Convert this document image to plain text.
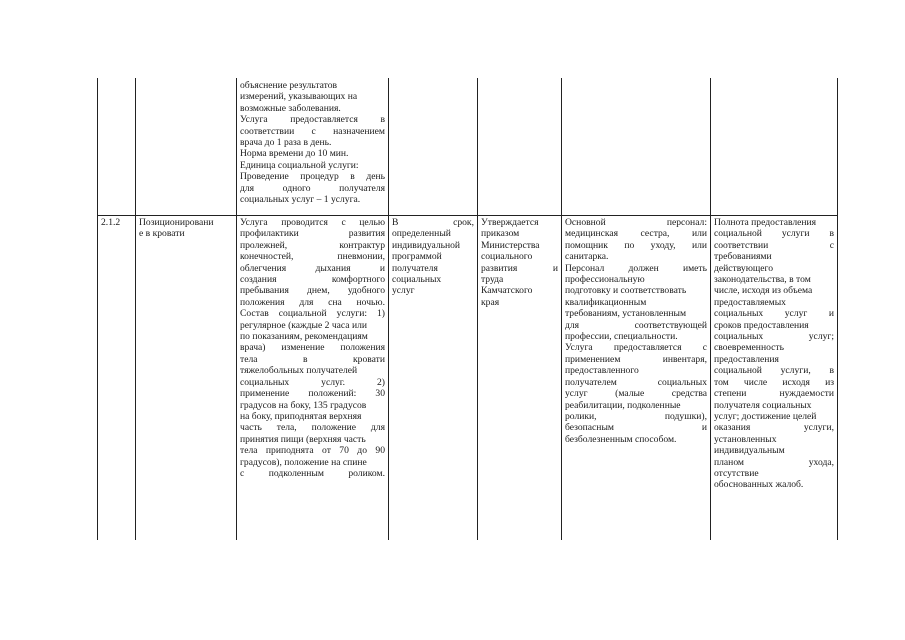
объяснение результатов
измерений, указывающих на
возможные заболевания.
Услуга предоставляется в
соответствии с назначением
врача до 1 раза в день.
Норма времени до 10 мин.
Единица социальной услуги:
Проведение процедур в день
для одного получателя
социальных услуг – 1 услуга.
2.1.2	Позиционировани
е в кровати
Услуга проводится с целью
профилактики развития
пролежней, контрактур
конечностей, пневмонии,
облегчения дыхания и
создания комфортного
пребывания днем, удобного
положения для сна ночью.
Состав социальной услуги: 1)
регулярное (каждые 2 часа или
по показаниям, рекомендациям
врача) изменение положения
тела в кровати
тяжелобольных получателей
социальных услуг. 2)
применение положений: 30
градусов на боку, 135 градусов
на боку, приподнятая верхняя
часть тела, положение для
принятия пищи (верхняя часть
тела приподнята от 70 до 90
градусов), положение на спине
с подколенным роликом.
В срок,
определенный
индивидуальной
программой
получателя
социальных
услуг
Утверждается
приказом
Министерства
социального
развития и
труда
Камчатского
края
Основной персонал:
медицинская сестра, или
помощник по уходу, или
санитарка.
Персонал должен иметь
профессиональную
подготовку и соответствовать
квалификационным
требованиям, установленным
для соответствующей
профессии, специальности.
Услуга предоставляется с
применением инвентаря,
предоставленного
получателем социальных
услуг (малые средства
реабилитации, подколенные
ролики, подушки),
безопасным и
безболезненным способом.
Полнота предоставления
социальной услуги в
соответствии с
требованиями
действующего
законодательства, в том
числе, исходя из объема
предоставляемых
социальных услуг и
сроков предоставления
социальных услуг;
своевременность
предоставления
социальной услуги, в
том числе исходя из
степени нуждаемости
получателя социальных
услуг; достижение целей
оказания услуги,
установленных
индивидуальным
планом ухода,
отсутствие
обоснованных жалоб.
